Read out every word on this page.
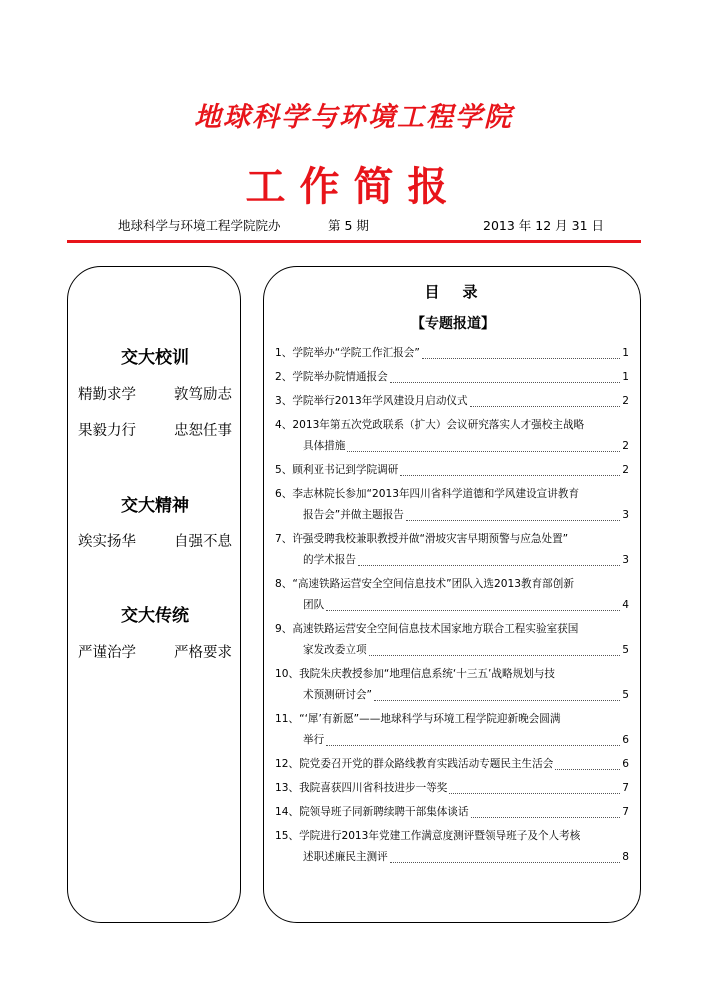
地球科学与环境工程学院
工作简报
地球科学与环境工程学院院办	第 5 期	2013 年 12 月 31 日
交大校训
精勤求学	敦笃励志
果毅力行	忠恕任事
交大精神
竢实扬华	自强不息
交大传统
严谨治学	严格要求
目　录
【专题报道】
1、 学院举办“学院工作汇报会”	1
2、 学院举办院情通报会	1
3、 学院举行2013年学风建设月启动仪式	2
4、 2013年第五次党政联系（扩大）会议研究落实人才强校主战略
具体措施	2
5、 顾利亚书记到学院调研	2
6、 李志林院长参加“2013年四川省科学道德和学风建设宣讲教育
报告会”并做主题报告	3
7、 许强受聘我校兼职教授并做“滑坡灾害早期预警与应急处置”
的学术报告	3
8、 “高速铁路运营安全空间信息技术”团队入选2013教育部创新
团队	4
9、 高速铁路运营安全空间信息技术国家地方联合工程实验室获国
家发改委立项	5
10、 我院朱庆教授参加“地理信息系统‘十三五’战略规划与技
术预测研讨会”	5
11、 “‘犀’有新愿”——地球科学与环境工程学院迎新晚会圆满
举行	6
12、 院党委召开党的群众路线教育实践活动专题民主生活会	6
13、 我院喜获四川省科技进步一等奖	7
14、 院领导班子同新聘续聘干部集体谈话	7
15、 学院进行2013年党建工作满意度测评暨领导班子及个人考核
述职述廉民主测评	8
